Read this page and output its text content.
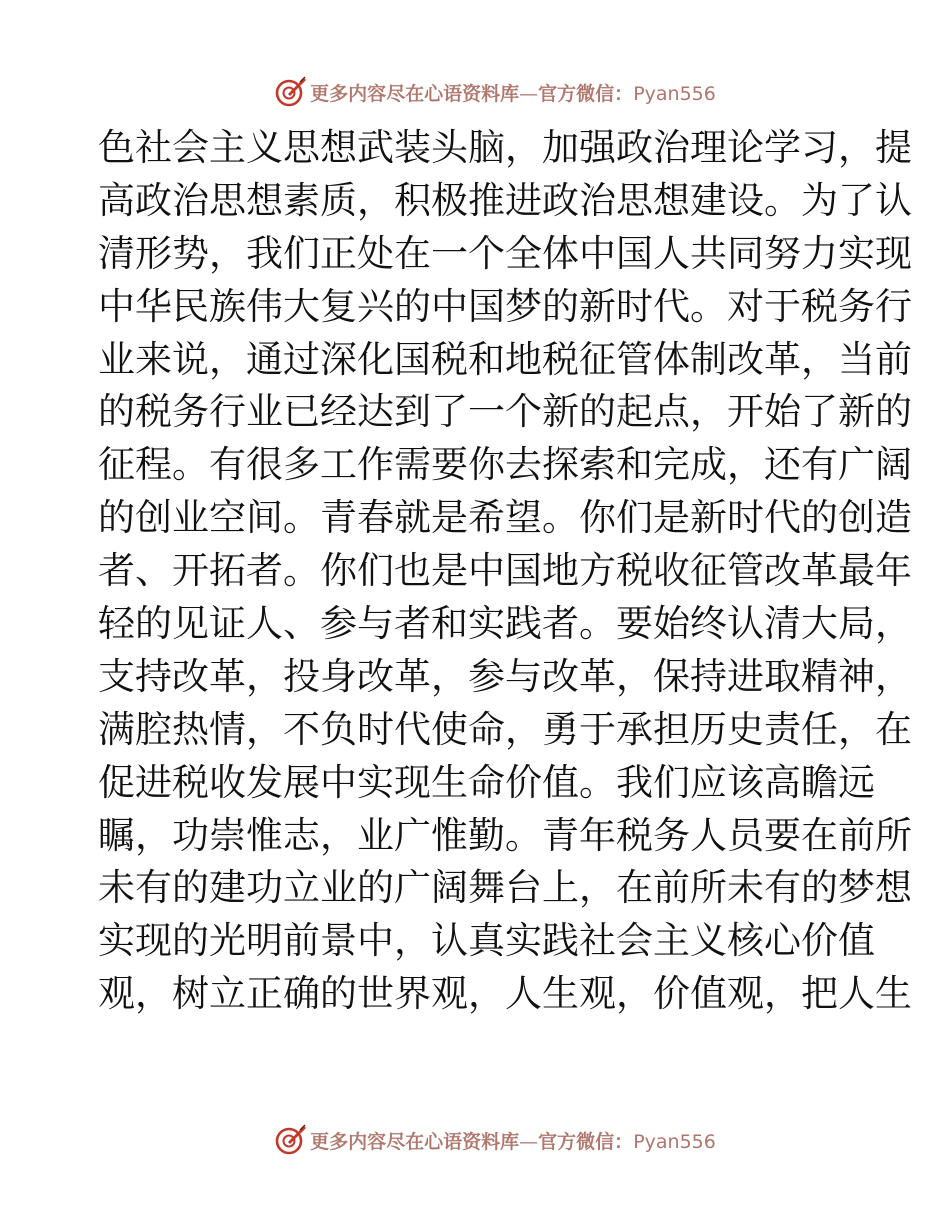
更多内容尽在心语资料库—官方微信：Pyan556
色社会主义思想武装头脑，加强政治理论学习，提
高政治思想素质，积极推进政治思想建设。为了认
清形势，我们正处在一个全体中国人共同努力实现
中华民族伟大复兴的中国梦的新时代。对于税务行
业来说，通过深化国税和地税征管体制改革，当前
的税务行业已经达到了一个新的起点，开始了新的
征程。有很多工作需要你去探索和完成，还有广阔
的创业空间。青春就是希望。你们是新时代的创造
者、开拓者。你们也是中国地方税收征管改革最年
轻的见证人、参与者和实践者。要始终认清大局，
支持改革，投身改革，参与改革，保持进取精神，
满腔热情，不负时代使命，勇于承担历史责任，在
促进税收发展中实现生命价值。我们应该高瞻远
瞩，功崇惟志，业广惟勤。青年税务人员要在前所
未有的建功立业的广阔舞台上，在前所未有的梦想
实现的光明前景中，认真实践社会主义核心价值
观，树立正确的世界观，人生观，价值观，把人生
更多内容尽在心语资料库—官方微信：Pyan556
